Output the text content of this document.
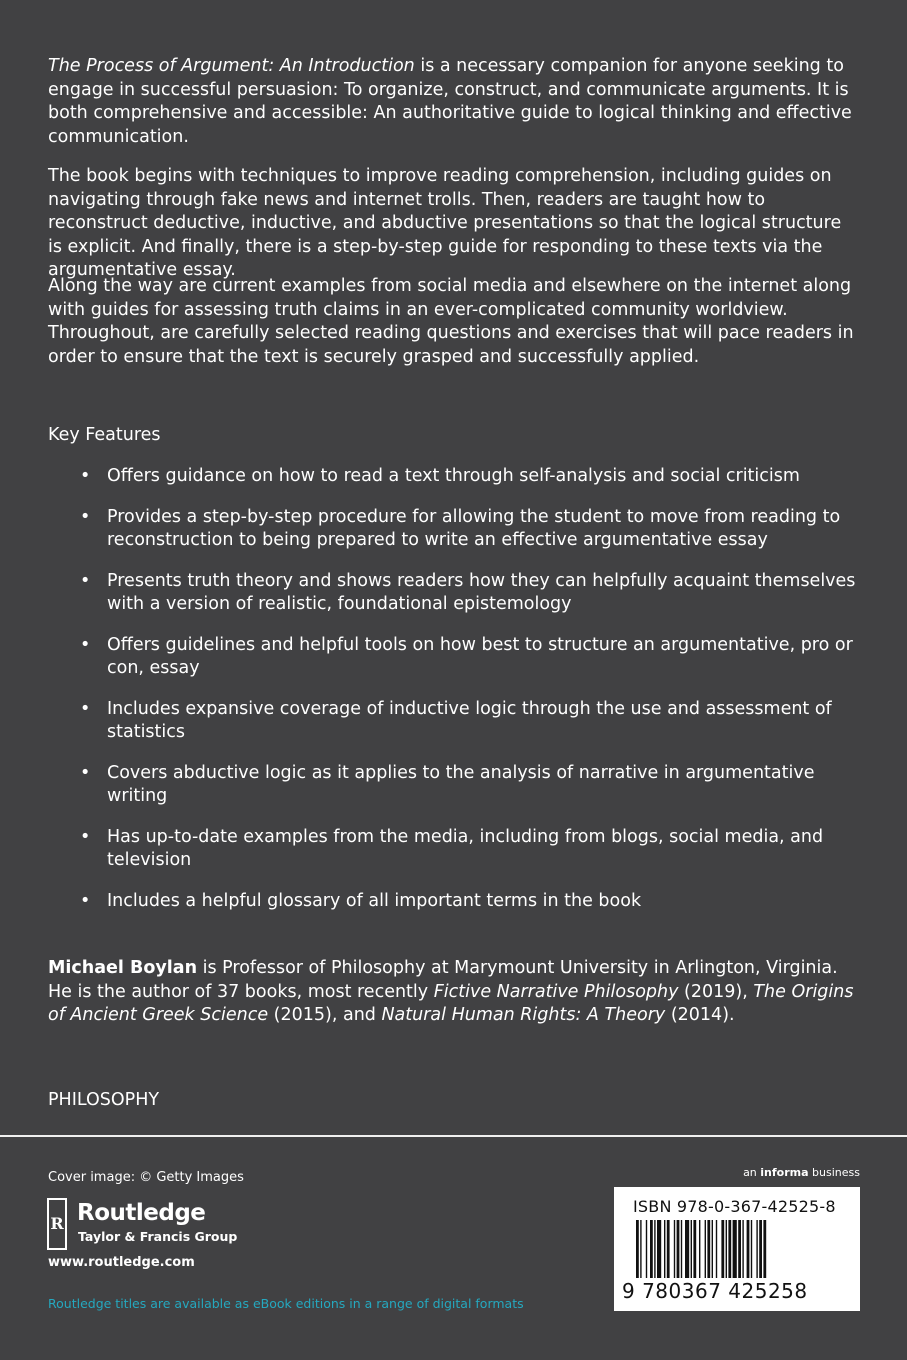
The Process of Argument: An Introduction is a necessary companion for anyone seeking to engage in successful persuasion: To organize, construct, and communicate arguments. It is both comprehensive and accessible: An authoritative guide to logical thinking and effective communication.
The book begins with techniques to improve reading comprehension, including guides on navigating through fake news and internet trolls. Then, readers are taught how to reconstruct deductive, inductive, and abductive presentations so that the logical structure is explicit. And finally, there is a step-by-step guide for responding to these texts via the argumentative essay.
Along the way are current examples from social media and elsewhere on the internet along with guides for assessing truth claims in an ever-complicated community worldview. Throughout, are carefully selected reading questions and exercises that will pace readers in order to ensure that the text is securely grasped and successfully applied.
Key Features
• Offers guidance on how to read a text through self-analysis and social criticism
• Provides a step-by-step procedure for allowing the student to move from reading to reconstruction to being prepared to write an effective argumentative essay
• Presents truth theory and shows readers how they can helpfully acquaint themselves with a version of realistic, foundational epistemology
• Offers guidelines and helpful tools on how best to structure an argumentative, pro or con, essay
• Includes expansive coverage of inductive logic through the use and assessment of statistics
• Covers abductive logic as it applies to the analysis of narrative in argumentative writing
• Has up-to-date examples from the media, including from blogs, social media, and television
• Includes a helpful glossary of all important terms in the book
Michael Boylan is Professor of Philosophy at Marymount University in Arlington, Virginia. He is the author of 37 books, most recently Fictive Narrative Philosophy (2019), The Origins of Ancient Greek Science (2015), and Natural Human Rights: A Theory (2014).
PHILOSOPHY
Cover image: © Getty Images
R Routledge
Taylor & Francis Group
www.routledge.com
Routledge titles are available as eBook editions in a range of digital formats
an informa business
ISBN 978-0-367-42525-8
9 780367 425258
